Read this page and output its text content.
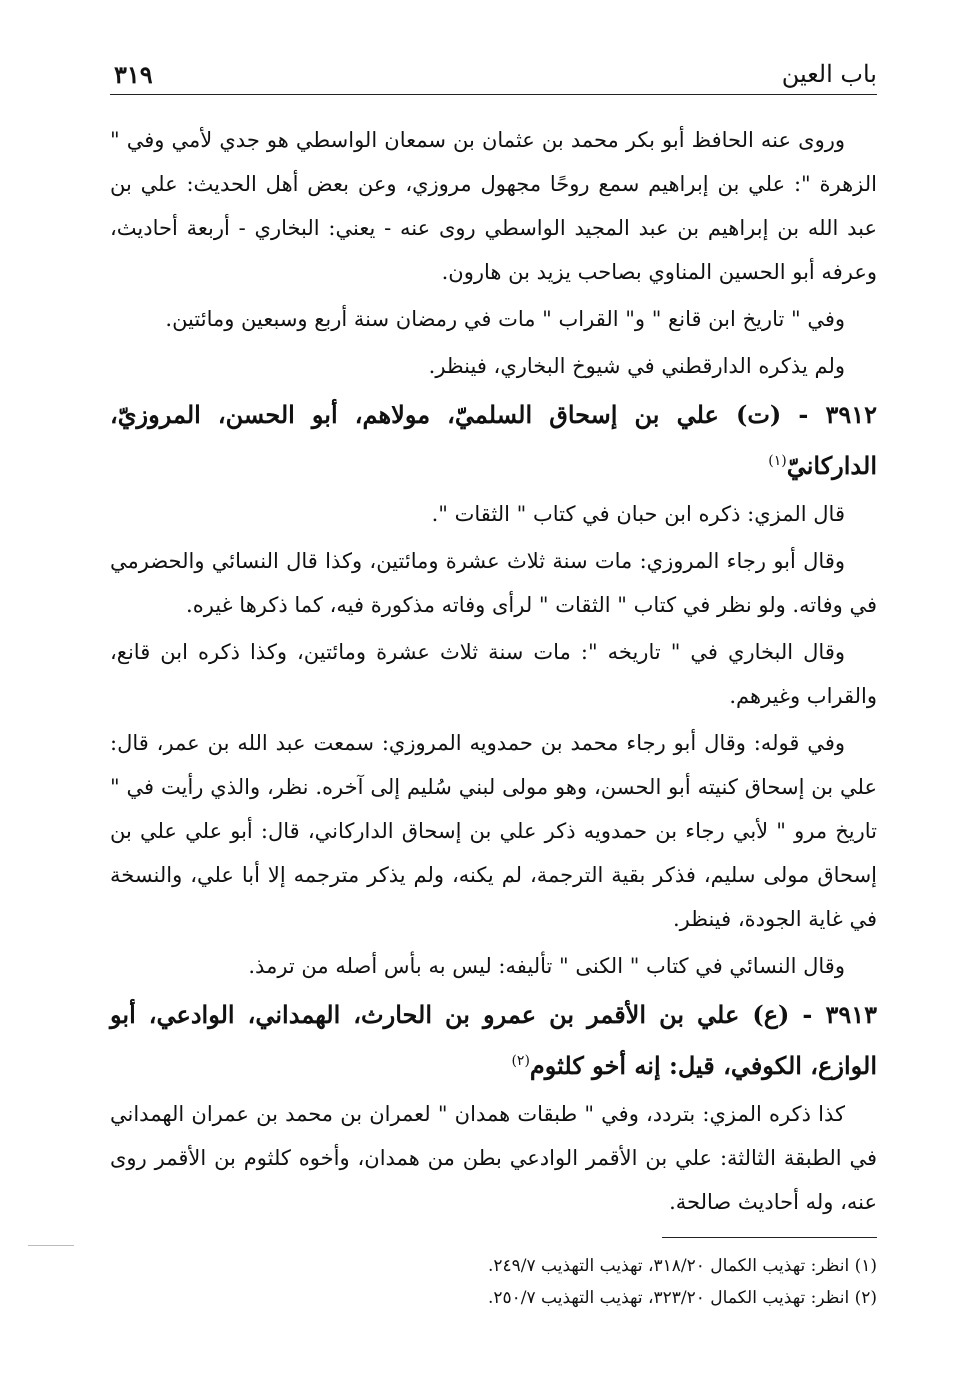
باب العين
٣١٩

وروى عنه الحافظ أبو بكر محمد بن عثمان بن سمعان الواسطي هو جدي لأمي وفي " الزهرة ": علي بن إبراهيم سمع روحًا مجهول مروزي، وعن بعض أهل الحديث: علي بن عبد الله بن إبراهيم بن عبد المجيد الواسطي روى عنه - يعني: البخاري - أربعة أحاديث، وعرفه أبو الحسين المناوي بصاحب يزيد بن هارون.

وفي " تاريخ ابن قانع " و" القراب " مات في رمضان سنة أربع وسبعين ومائتين.

ولم يذكره الدارقطني في شيوخ البخاري، فينظر.

٣٩١٢ - (ت) علي بن إسحاق السلميّ، مولاهم، أبو الحسن، المروزيّ، الداركانيّ$^{(١)}$

قال المزي: ذكره ابن حبان في كتاب " الثقات ".

وقال أبو رجاء المروزي: مات سنة ثلاث عشرة ومائتين، وكذا قال النسائي والحضرمي في وفاته. ولو نظر في كتاب " الثقات " لرأى وفاته مذكورة فيه، كما ذكرها غيره.

وقال البخاري في " تاريخه ": مات سنة ثلاث عشرة ومائتين، وكذا ذكره ابن قانع، والقراب وغيرهم.

وفي قوله: وقال أبو رجاء محمد بن حمدويه المروزي: سمعت عبد الله بن عمر، قال: علي بن إسحاق كنيته أبو الحسن، وهو مولى لبني سُليم إلى آخره. نظر، والذي رأيت في " تاريخ مرو " لأبي رجاء بن حمدويه ذكر علي بن إسحاق الداركاني، قال: أبو علي علي بن إسحاق مولى سليم، فذكر بقية الترجمة، لم يكنه، ولم يذكر مترجمه إلا أبا علي، والنسخة في غاية الجودة، فينظر.

وقال النسائي في كتاب " الكنى " تأليفه: ليس به بأس أصله من ترمذ.

٣٩١٣ - (ع) علي بن الأقمر بن عمرو بن الحارث، الهمداني، الوادعي، أبو الوازع، الكوفي، قيل: إنه أخو كلثوم$^{(٢)}$

كذا ذكره المزي: بتردد، وفي " طبقات همدان " لعمران بن محمد بن عمران الهمداني في الطبقة الثالثة: علي بن الأقمر الوادعي بطن من همدان، وأخوه كلثوم بن الأقمر روى عنه، وله أحاديث صالحة.

(١) انظر: تهذيب الكمال ٣١٨/٢٠، تهذيب التهذيب ٢٤٩/٧.

(٢) انظر: تهذيب الكمال ٣٢٣/٢٠، تهذيب التهذيب ٢٥٠/٧.
